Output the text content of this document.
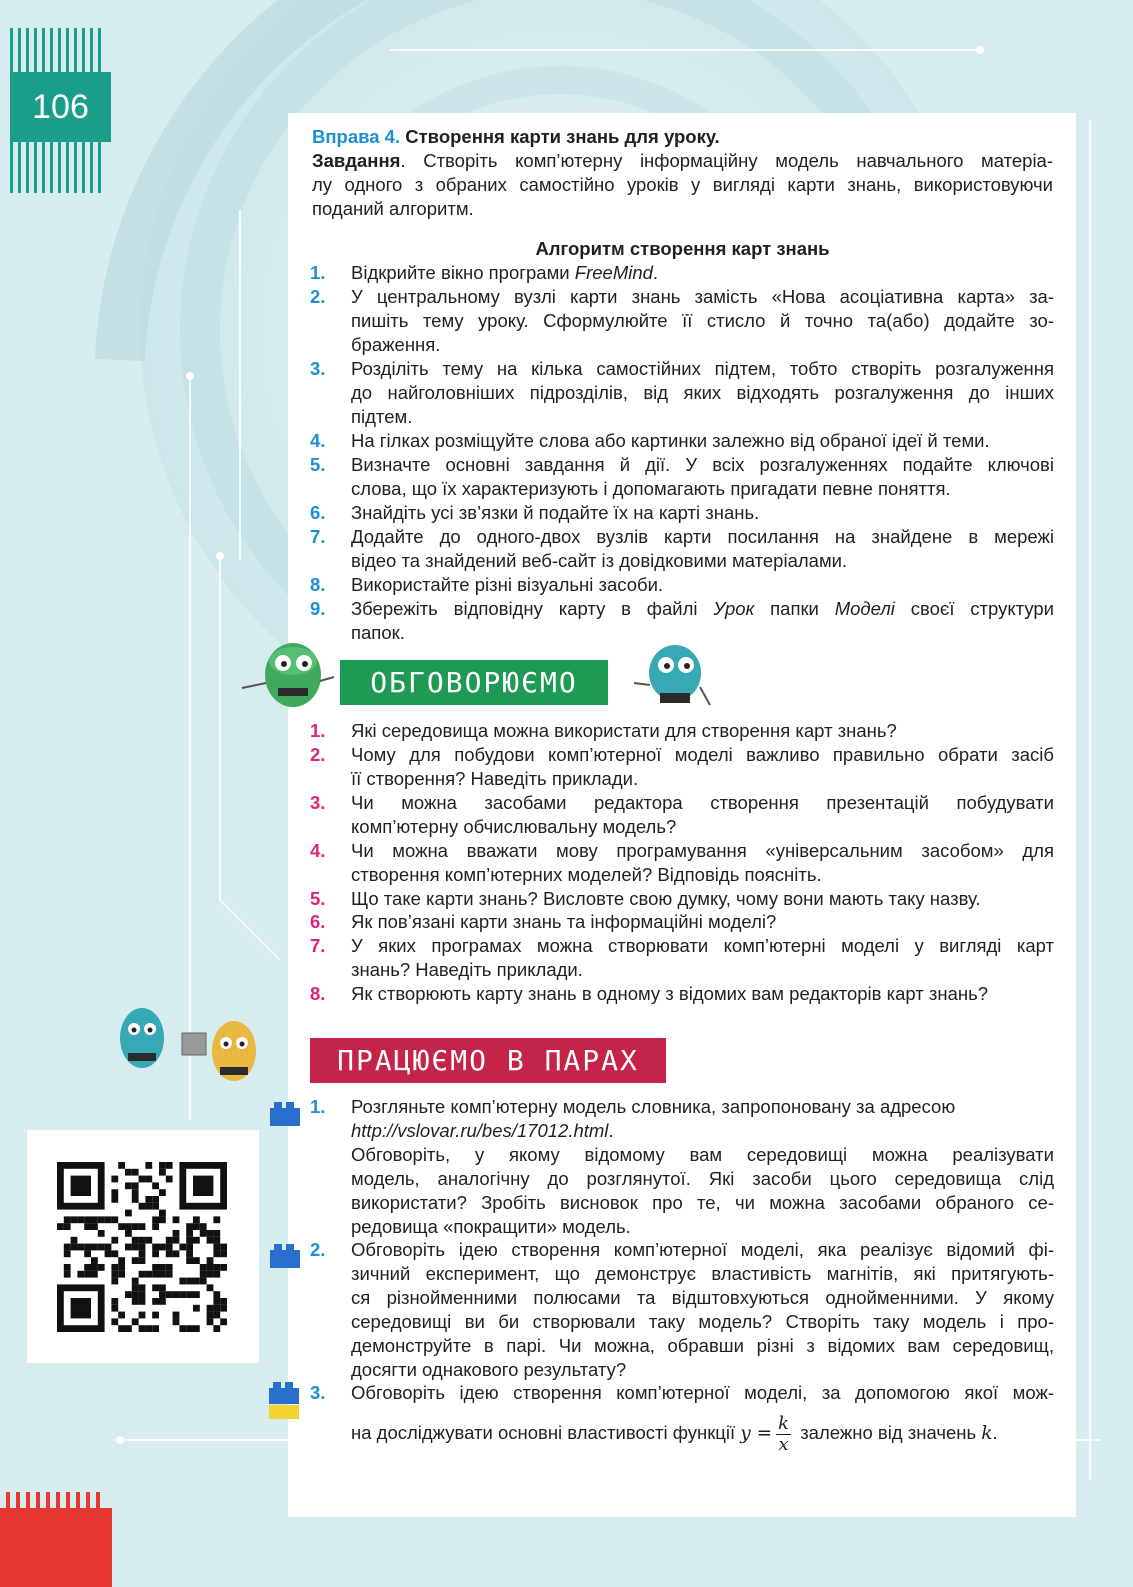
106
Вправа 4. Створення карти знань для уроку.
Завдання. Створіть комп’ютерну інформаційну модель навчального матеріа-
лу одного з обраних самостійно уроків у вигляді карти знань, використовуючи
поданий алгоритм.
Алгоритм створення карт знань
1. Відкрийте вікно програми FreeMind.
2. У центральному вузлі карти знань замість «Нова асоціативна карта» за-
пишіть тему уроку. Сформулюйте її стисло й точно та(або) додайте зо-
браження.
3. Розділіть тему на кілька самостійних підтем, тобто створіть розгалуження
до найголовніших підрозділів, від яких відходять розгалуження до інших
підтем.
4. На гілках розміщуйте слова або картинки залежно від обраної ідеї й теми.
5. Визначте основні завдання й дії. У всіх розгалуженнях подайте ключові
слова, що їх характеризують і допомагають пригадати певне поняття.
6. Знайдіть усі зв’язки й подайте їх на карті знань.
7. Додайте до одного-двох вузлів карти посилання на знайдене в мережі
відео та знайдений веб-сайт із довідковими матеріалами.
8. Використайте різні візуальні засоби.
9. Збережіть відповідну карту в файлі Урок папки Моделі своєї структури
папок.
ОБГОВОРЮЄМО
1. Які середовища можна використати для створення карт знань?
2. Чому для побудови комп’ютерної моделі важливо правильно обрати засіб
її створення? Наведіть приклади.
3. Чи можна засобами редактора створення презентацій побудувати
комп’ютерну обчислювальну модель?
4. Чи можна вважати мову програмування «універсальним засобом» для
створення комп’ютерних моделей? Відповідь поясніть.
5. Що таке карти знань? Висловте свою думку, чому вони мають таку назву.
6. Як пов’язані карти знань та інформаційні моделі?
7. У яких програмах можна створювати комп’ютерні моделі у вигляді карт
знань? Наведіть приклади.
8. Як створюють карту знань в одному з відомих вам редакторів карт знань?
ПРАЦЮЄМО В ПАРАХ
1. Розгляньте комп’ютерну модель словника, запропоновану за адресою
http://vslovar.ru/bes/17012.html.
Обговоріть, у якому відомому вам середовищі можна реалізувати
модель, аналогічну до розглянутої. Які засоби цього середовища слід
використати? Зробіть висновок про те, чи можна засобами обраного се-
редовища «покращити» модель.
2. Обговоріть ідею створення комп’ютерної моделі, яка реалізує відомий фі-
зичний експеримент, що демонструє властивість магнітів, які притягують-
ся різнойменними полюсами та відштовхуються однойменними. У якому
середовищі ви би створювали таку модель? Створіть таку модель і про-
демонструйте в парі. Чи можна, обравши різні з відомих вам середовищ,
досягти однакового результату?
3. Обговоріть ідею створення комп’ютерної моделі, за допомогою якої мож-
на досліджувати основні властивості функції $y = \frac{k}{x}$ залежно від значень k.
